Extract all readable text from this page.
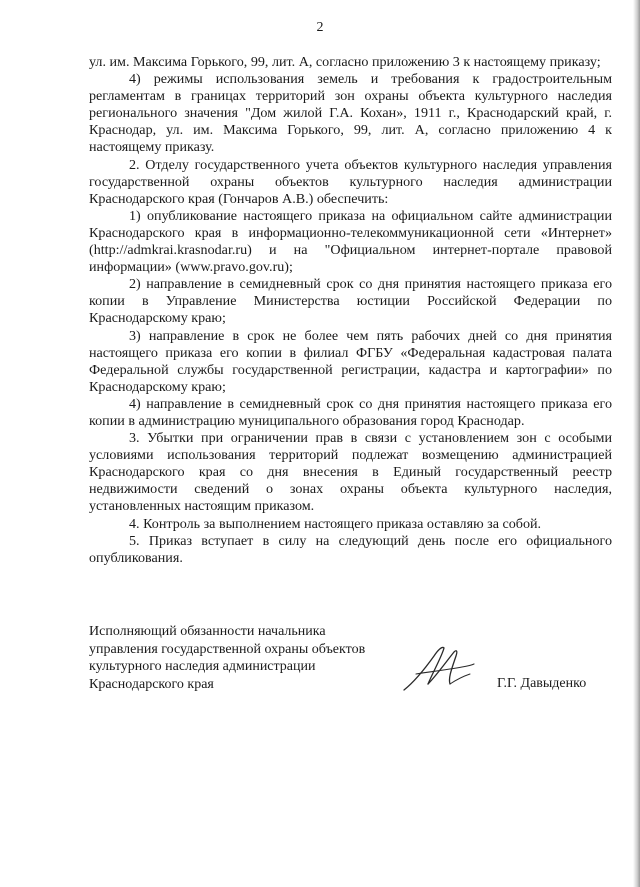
2

ул. им. Максима Горького, 99, лит. А, согласно приложению 3 к настоящему приказу;

4) режимы использования земель и требования к градостроительным регламентам в границах территорий зон охраны объекта культурного наследия регионального значения "Дом жилой Г.А. Кохан», 1911 г., Краснодарский край, г. Краснодар, ул. им. Максима Горького, 99, лит. А, согласно приложению 4 к настоящему приказу.

2. Отделу государственного учета объектов культурного наследия управления государственной охраны объектов культурного наследия администрации Краснодарского края (Гончаров А.В.) обеспечить:

1) опубликование настоящего приказа на официальном сайте администрации Краснодарского края в информационно-телекоммуникационной сети «Интернет» (http://admkrai.krasnodar.ru) и на "Официальном интернет-портале правовой информации» (www.pravo.gov.ru);

2) направление в семидневный срок со дня принятия настоящего приказа его копии в Управление Министерства юстиции Российской Федерации по Краснодарскому краю;

3) направление в срок не более чем пять рабочих дней со дня принятия настоящего приказа его копии в филиал ФГБУ «Федеральная кадастровая палата Федеральной службы государственной регистрации, кадастра и картографии» по Краснодарскому краю;

4) направление в семидневный срок со дня принятия настоящего приказа его копии в администрацию муниципального образования город Краснодар.

3. Убытки при ограничении прав в связи с установлением зон с особыми условиями использования территорий подлежат возмещению администрацией Краснодарского края со дня внесения в Единый государственный реестр недвижимости сведений о зонах охраны объекта культурного наследия, установленных настоящим приказом.

4. Контроль за выполнением настоящего приказа оставляю за собой.

5. Приказ вступает в силу на следующий день после его официального опубликования.

Исполняющий обязанности начальника
управления государственной охраны объектов
культурного наследия администрации
Краснодарского края	Г.Г. Давыденко
